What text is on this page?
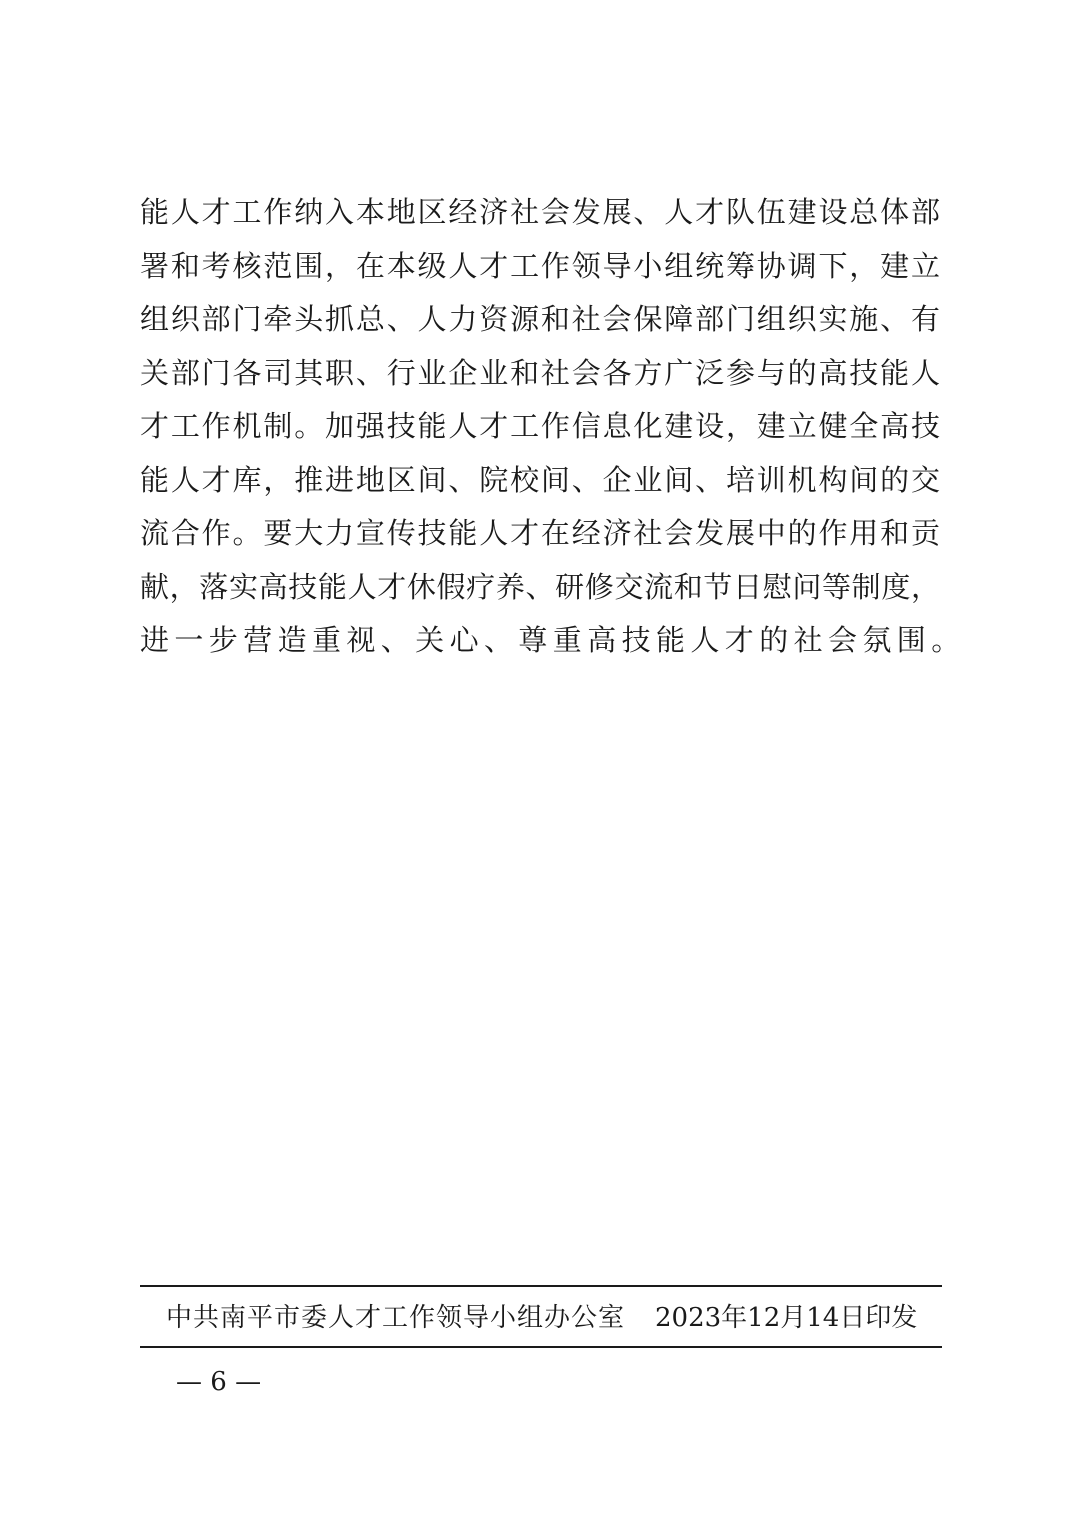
能人才工作纳入本地区经济社会发展、人才队伍建设总体部
署和考核范围，在本级人才工作领导小组统筹协调下，建立
组织部门牵头抓总、人力资源和社会保障部门组织实施、有
关部门各司其职、行业企业和社会各方广泛参与的高技能人
才工作机制。加强技能人才工作信息化建设，建立健全高技
能人才库，推进地区间、院校间、企业间、培训机构间的交
流合作。要大力宣传技能人才在经济社会发展中的作用和贡
献，落实高技能人才休假疗养、研修交流和节日慰问等制度，
进一步营造重视、关心、尊重高技能人才的社会氛围。
中共南平市委人才工作领导小组办公室 2023年12月14日印发
— 6 —
